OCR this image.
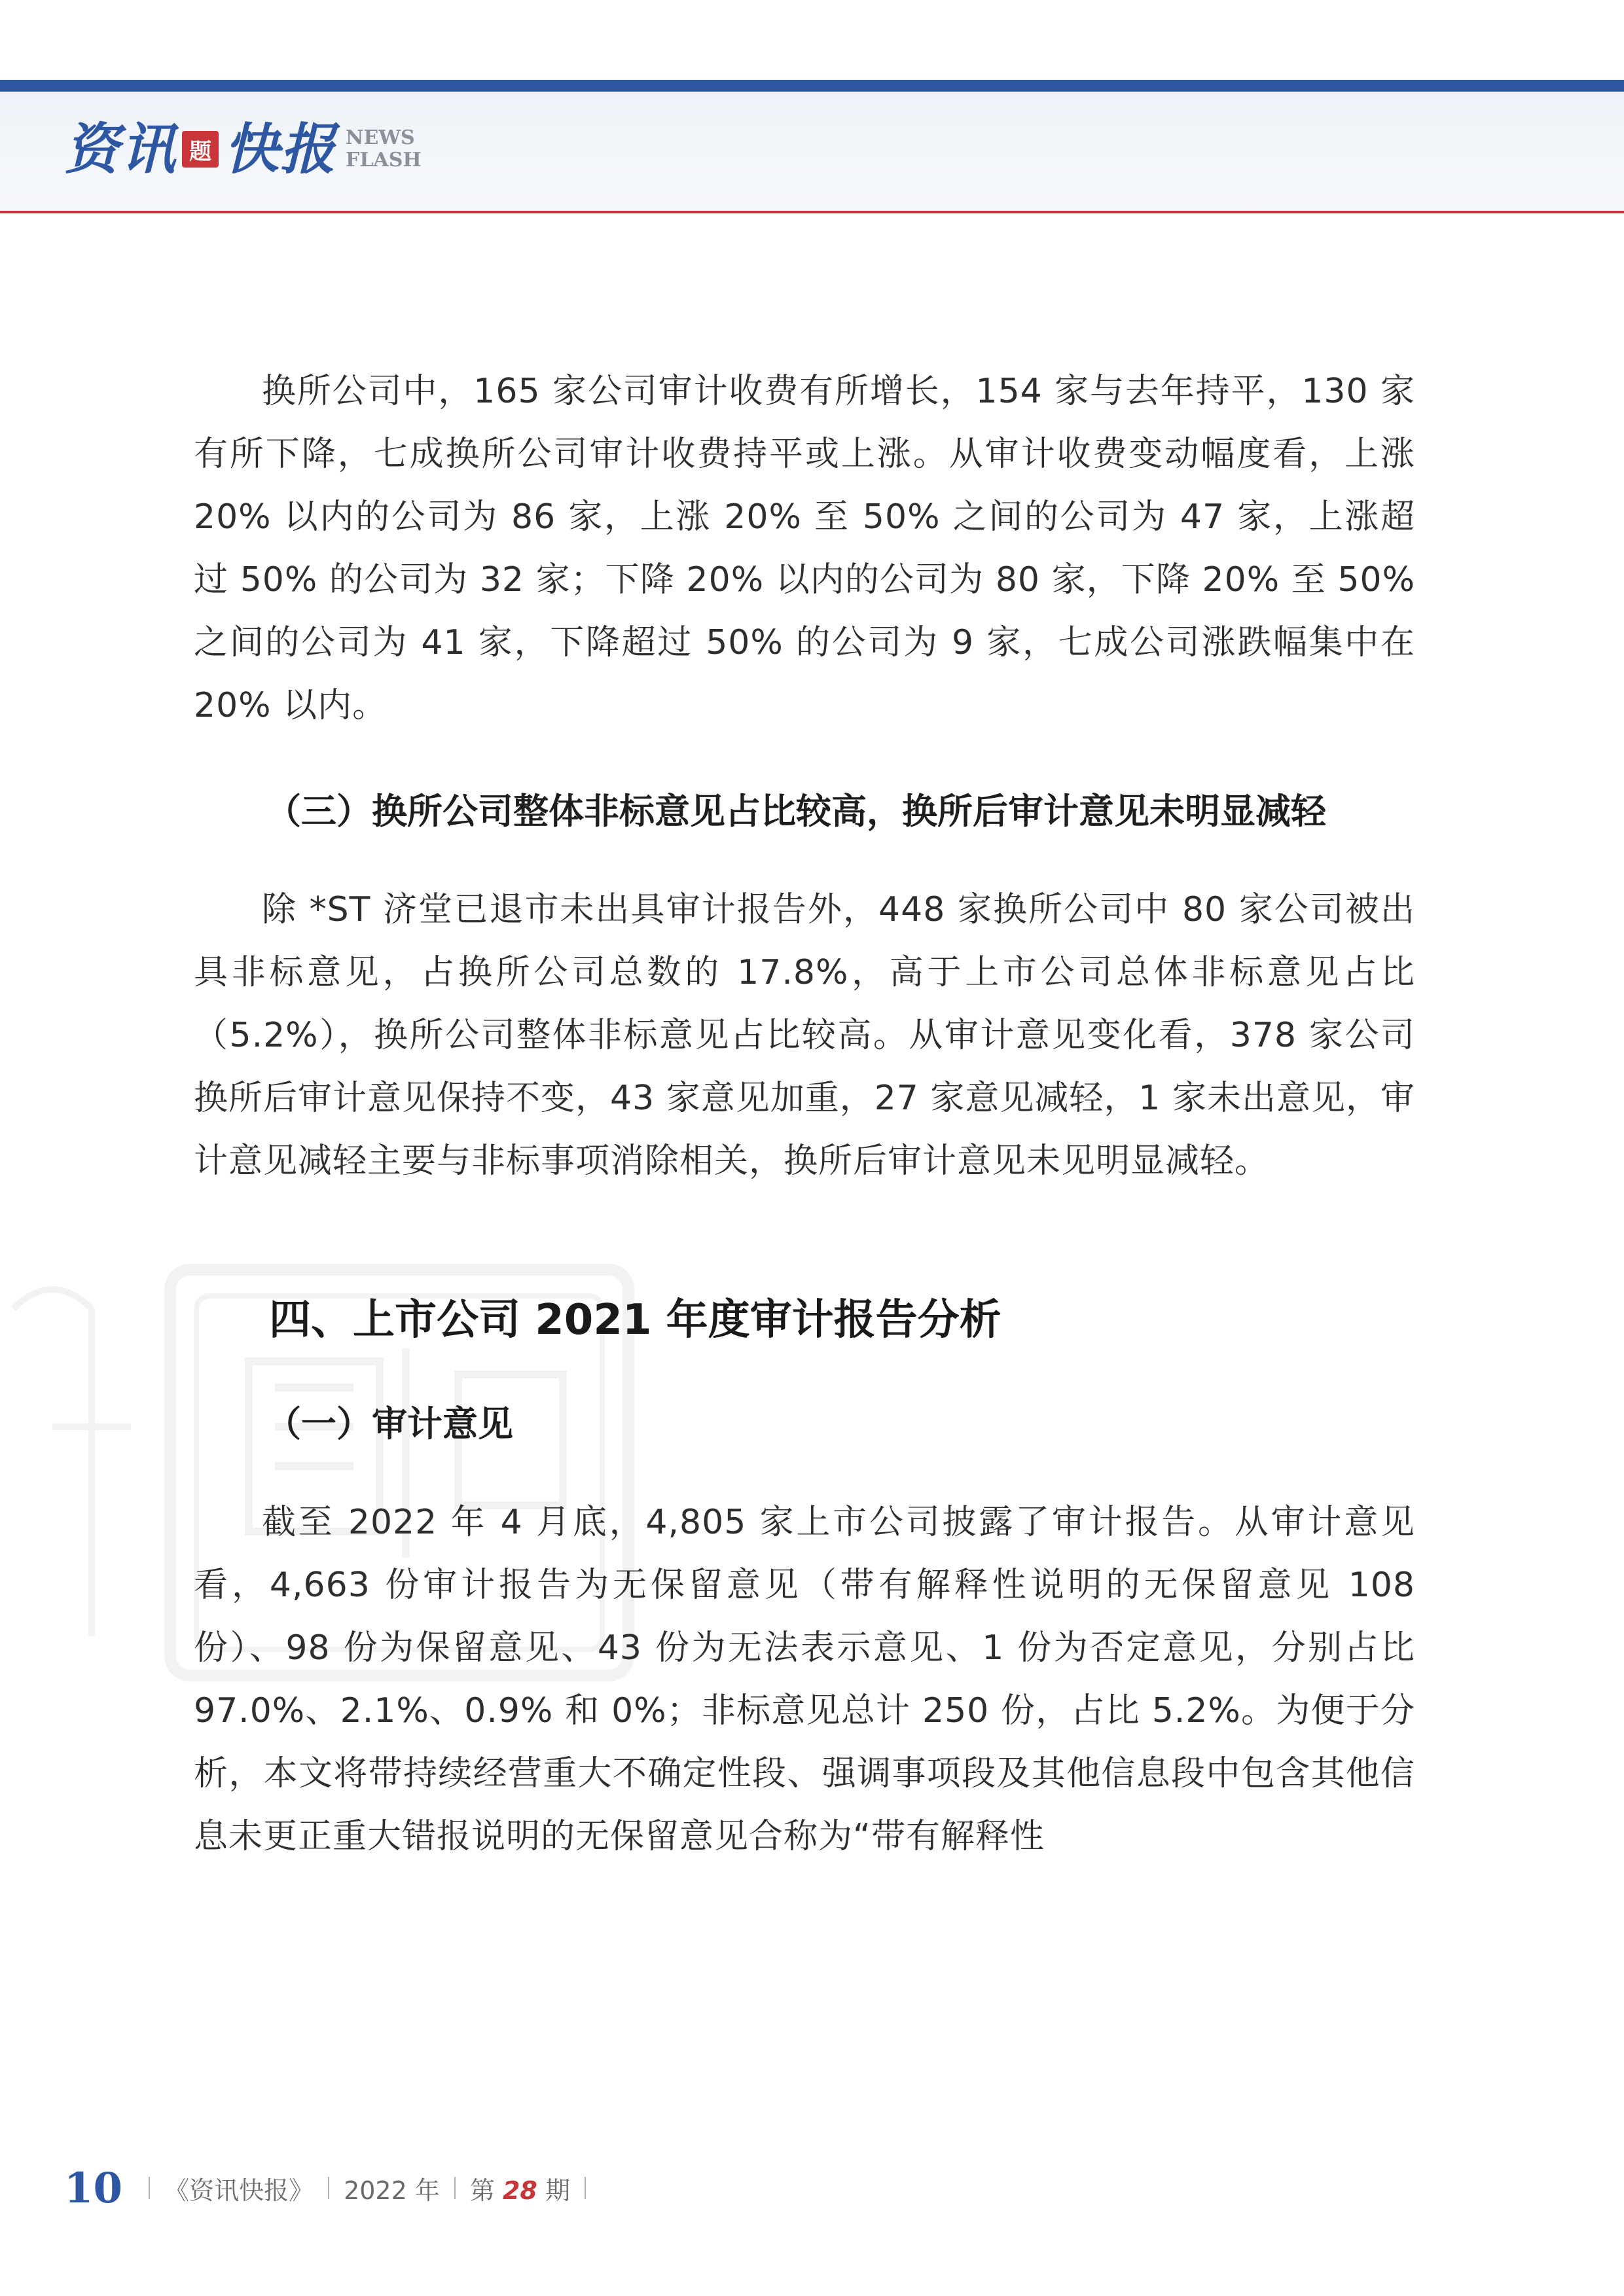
资讯 题 快报 NEWS
FLASH

换所公司中，165 家公司审计收费有所增长，154 家与去年持平，130 家有所下降，七成换所公司审计收费持平或上涨。从审计收费变动幅度看，上涨 20% 以内的公司为 86 家，上涨 20% 至 50% 之间的公司为 47 家，上涨超过 50% 的公司为 32 家；下降 20% 以内的公司为 80 家，下降 20% 至 50% 之间的公司为 41 家，下降超过 50% 的公司为 9 家，七成公司涨跌幅集中在 20% 以内。

（三）换所公司整体非标意见占比较高，换所后审计意见未明显减轻

除 *ST 济堂已退市未出具审计报告外，448 家换所公司中 80 家公司被出具非标意见，占换所公司总数的 17.8%，高于上市公司总体非标意见占比（5.2%），换所公司整体非标意见占比较高。从审计意见变化看，378 家公司换所后审计意见保持不变，43 家意见加重，27 家意见减轻，1 家未出意见，审计意见减轻主要与非标事项消除相关，换所后审计意见未见明显减轻。

四、上市公司 2021 年度审计报告分析

（一）审计意见

截至 2022 年 4 月底，4,805 家上市公司披露了审计报告。从审计意见看，4,663 份审计报告为无保留意见（带有解释性说明的无保留意见 108 份）、98 份为保留意见、43 份为无法表示意见、1 份为否定意见，分别占比 97.0%、2.1%、0.9% 和 0%；非标意见总计 250 份，占比 5.2%。为便于分析，本文将带持续经营重大不确定性段、强调事项段及其他信息段中包含其他信息未更正重大错报说明的无保留意见合称为“带有解释性

10 《资讯快报》 2022 年 第 28 期
